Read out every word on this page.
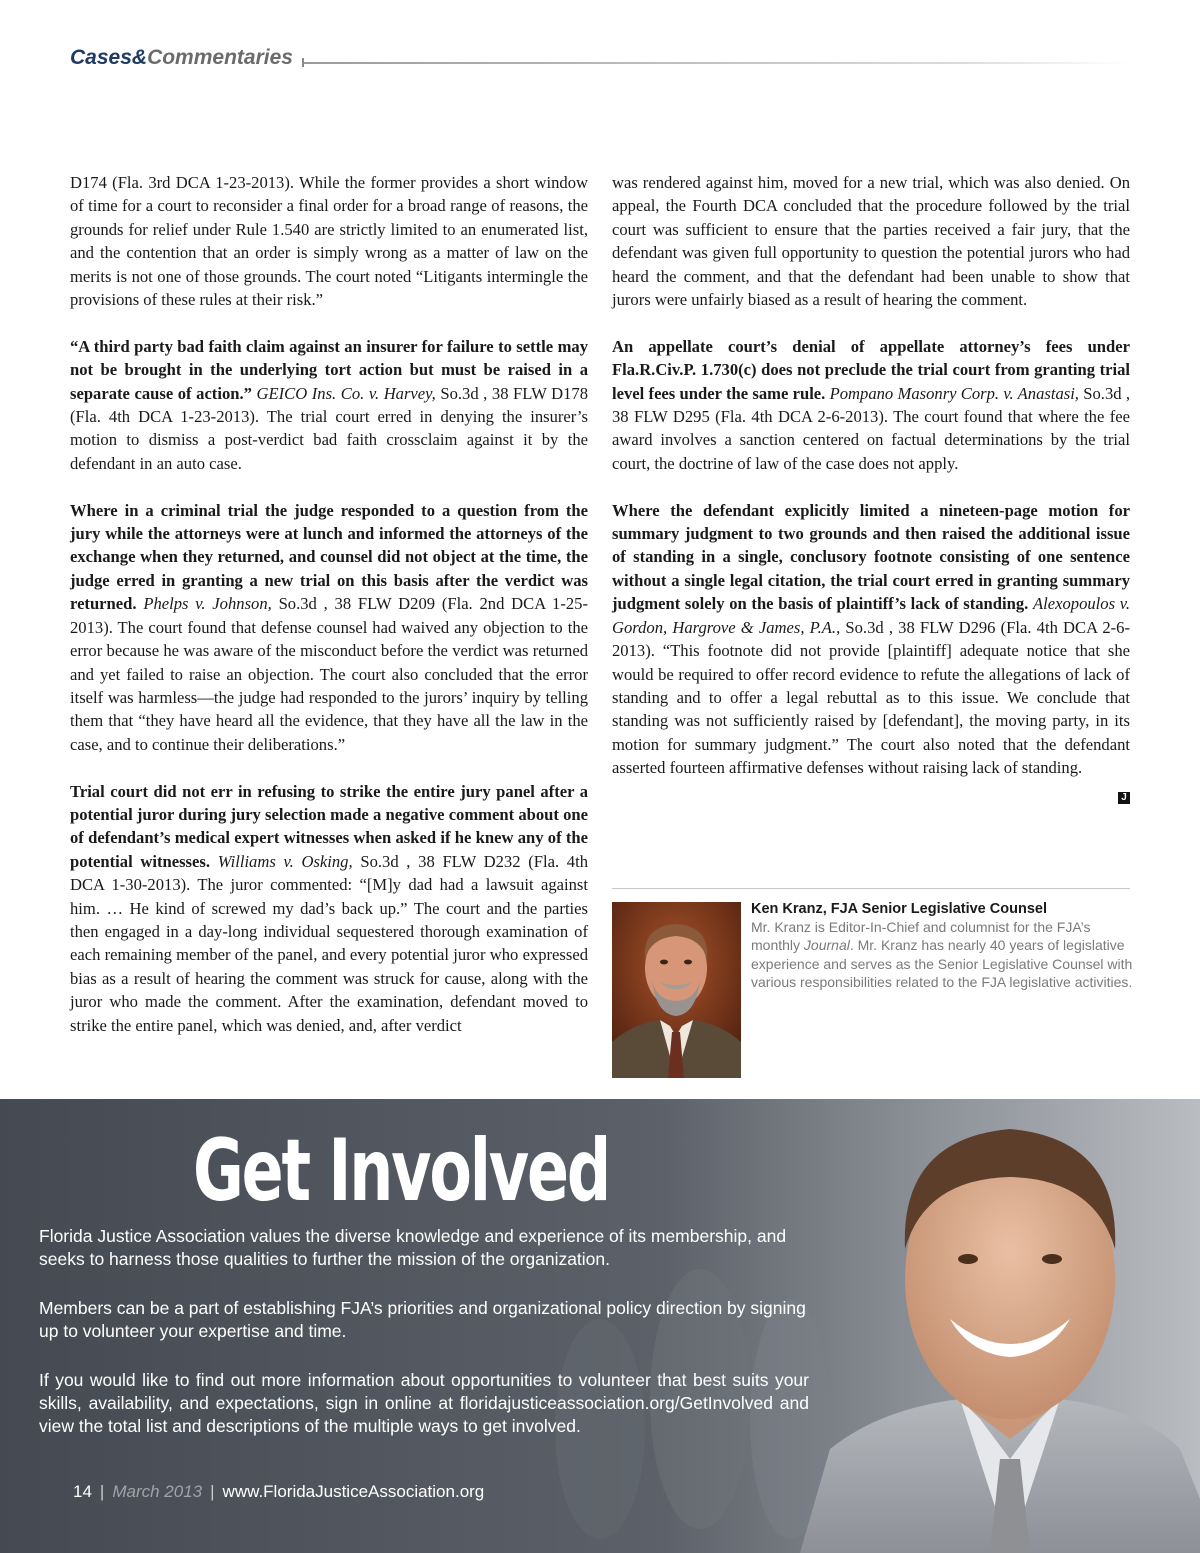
Cases&Commentaries

D174 (Fla. 3rd DCA 1-23-2013). While the former provides a short window of time for a court to reconsider a final order for a broad range of reasons, the grounds for relief under Rule 1.540 are strictly limited to an enumerated list, and the contention that an order is simply wrong as a matter of law on the merits is not one of those grounds. The court noted “Litigants intermingle the provisions of these rules at their risk.”

“A third party bad faith claim against an insurer for failure to settle may not be brought in the underlying tort action but must be raised in a separate cause of action.” GEICO Ins. Co. v. Harvey, So.3d , 38 FLW D178 (Fla. 4th DCA 1-23-2013). The trial court erred in denying the insurer’s motion to dismiss a post-verdict bad faith crossclaim against it by the defendant in an auto case.

Where in a criminal trial the judge responded to a question from the jury while the attorneys were at lunch and informed the attorneys of the exchange when they returned, and counsel did not object at the time, the judge erred in granting a new trial on this basis after the verdict was returned. Phelps v. Johnson, So.3d , 38 FLW D209 (Fla. 2nd DCA 1-25-2013). The court found that defense counsel had waived any objection to the error because he was aware of the misconduct before the verdict was returned and yet failed to raise an objection. The court also concluded that the error itself was harmless—the judge had responded to the jurors’ inquiry by telling them that “they have heard all the evidence, that they have all the law in the case, and to continue their deliberations.”

Trial court did not err in refusing to strike the entire jury panel after a potential juror during jury selection made a negative comment about one of defendant’s medical expert witnesses when asked if he knew any of the potential witnesses. Williams v. Osking, So.3d , 38 FLW D232 (Fla. 4th DCA 1-30-2013). The juror commented: “[M]y dad had a lawsuit against him. … He kind of screwed my dad’s back up.” The court and the parties then engaged in a day-long individual sequestered thorough examination of each remaining member of the panel, and every potential juror who expressed bias as a result of hearing the comment was struck for cause, along with the juror who made the comment. After the examination, defendant moved to strike the entire panel, which was denied, and, after verdict

was rendered against him, moved for a new trial, which was also denied. On appeal, the Fourth DCA concluded that the procedure followed by the trial court was sufficient to ensure that the parties received a fair jury, that the defendant was given full opportunity to question the potential jurors who had heard the comment, and that the defendant had been unable to show that jurors were unfairly biased as a result of hearing the comment.

An appellate court’s denial of appellate attorney’s fees under Fla.R.Civ.P. 1.730(c) does not preclude the trial court from granting trial level fees under the same rule. Pompano Masonry Corp. v. Anastasi, So.3d , 38 FLW D295 (Fla. 4th DCA 2-6-2013). The court found that where the fee award involves a sanction centered on factual determinations by the trial court, the doctrine of law of the case does not apply.

Where the defendant explicitly limited a nineteen-page motion for summary judgment to two grounds and then raised the additional issue of standing in a single, conclusory footnote consisting of one sentence without a single legal citation, the trial court erred in granting summary judgment solely on the basis of plaintiff’s lack of standing. Alexopoulos v. Gordon, Hargrove & James, P.A., So.3d , 38 FLW D296 (Fla. 4th DCA 2-6-2013). “This footnote did not provide [plaintiff] adequate notice that she would be required to offer record evidence to refute the allegations of lack of standing and to offer a legal rebuttal as to this issue. We conclude that standing was not sufficiently raised by [defendant], the moving party, in its motion for summary judgment.” The court also noted that the defendant asserted fourteen affirmative defenses without raising lack of standing.

J
Ken Kranz, FJA Senior Legislative Counsel
Mr. Kranz is Editor-In-Chief and columnist for the FJA’s monthly Journal. Mr. Kranz has nearly 40 years of legislative experience and serves as the Senior Legislative Counsel with various responsibilities related to the FJA legislative activities.
Get Involved

Florida Justice Association values the diverse knowledge and experience of its membership, and seeks to harness those qualities to further the mission of the organization.

Members can be a part of establishing FJA’s priorities and organizational policy direction by signing up to volunteer your expertise and time.

If you would like to find out more information about opportunities to volunteer that best suits your skills, availability, and expectations, sign in online at floridajusticeassociation.org/GetInvolved and view the total list and descriptions of the multiple ways to get involved.

14 | March 2013 | www.FloridaJusticeAssociation.org
